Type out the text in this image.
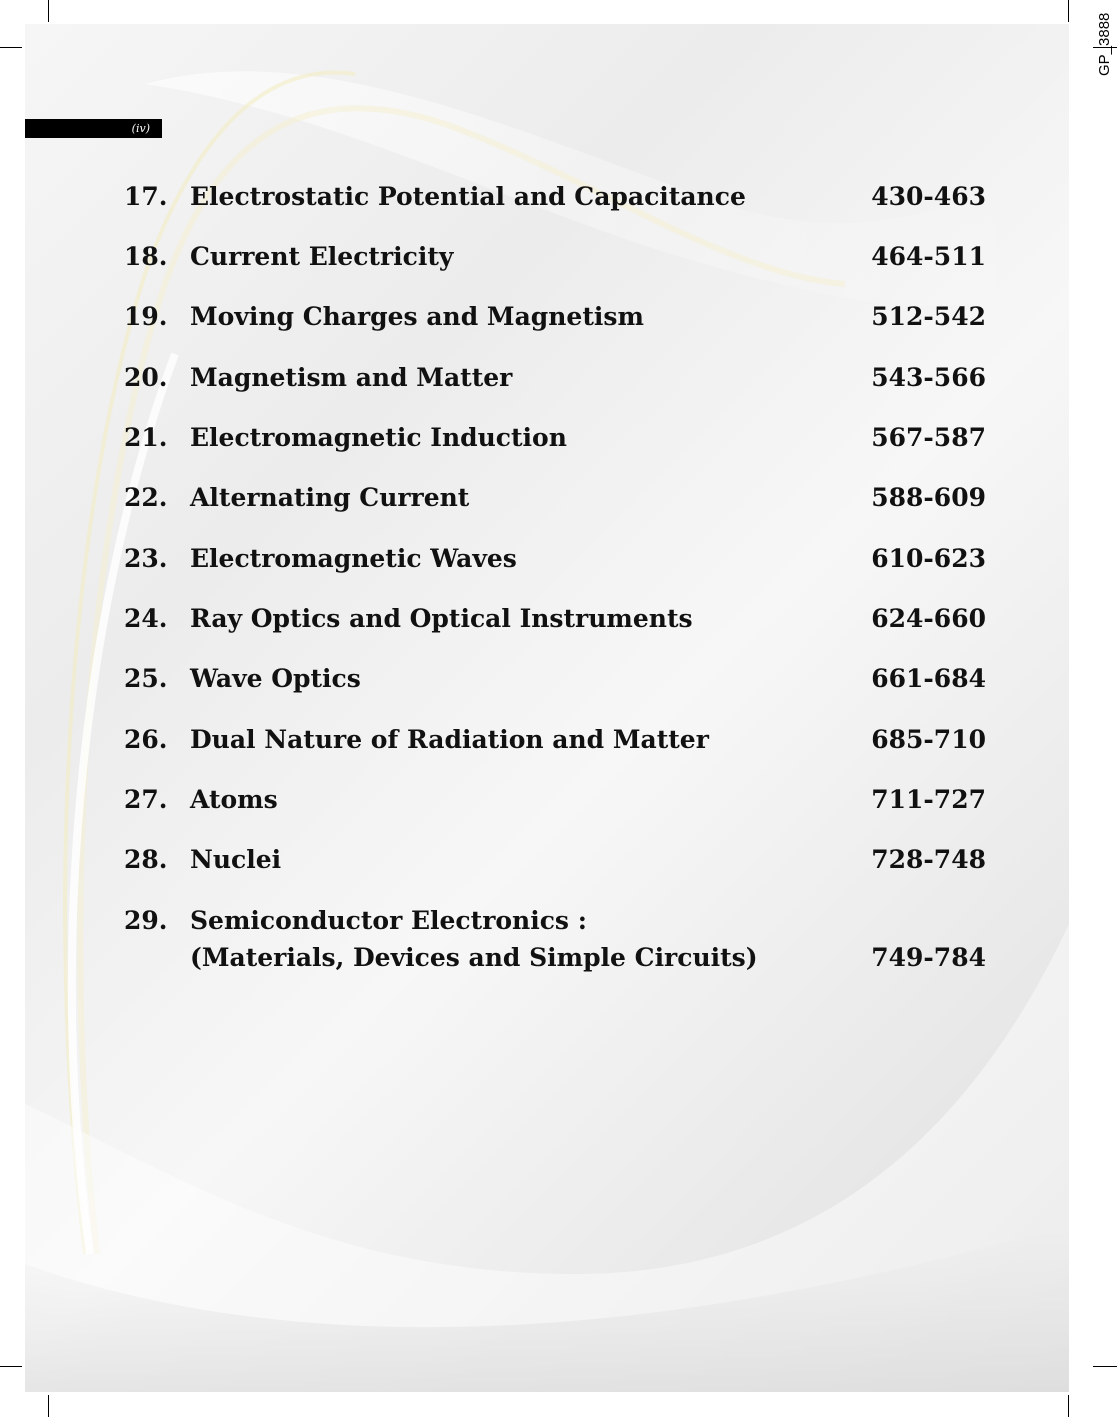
(iv)
GP_3888
17. Electrostatic Potential and Capacitance	430-463
18. Current Electricity	464-511
19. Moving Charges and Magnetism	512-542
20. Magnetism and Matter	543-566
21. Electromagnetic Induction	567-587
22. Alternating Current	588-609
23. Electromagnetic Waves	610-623
24. Ray Optics and Optical Instruments	624-660
25. Wave Optics	661-684
26. Dual Nature of Radiation and Matter	685-710
27. Atoms	711-727
28. Nuclei	728-748
29. Semiconductor Electronics :
(Materials, Devices and Simple Circuits)	749-784
